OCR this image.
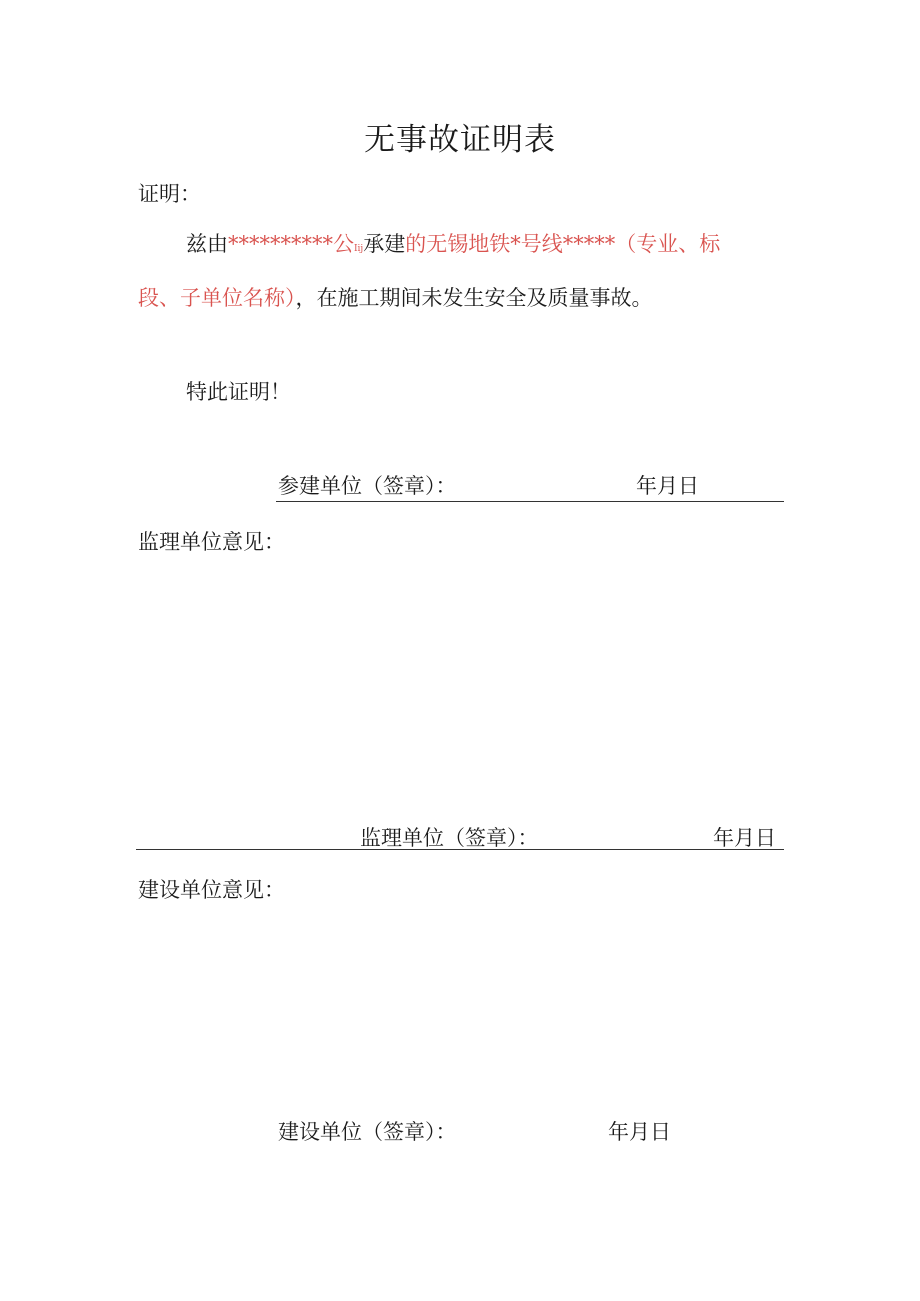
无事故证明表
证明：
兹由**********公Iij承建的无锡地铁*号线*****（专业、标
段、子单位名称），在施工期间未发生安全及质量事故。
特此证明！
参建单位（签章）：	年月日
监理单位意见：
监理单位（签章）：	年月日
建设单位意见：
建设单位（签章）：	年月日
